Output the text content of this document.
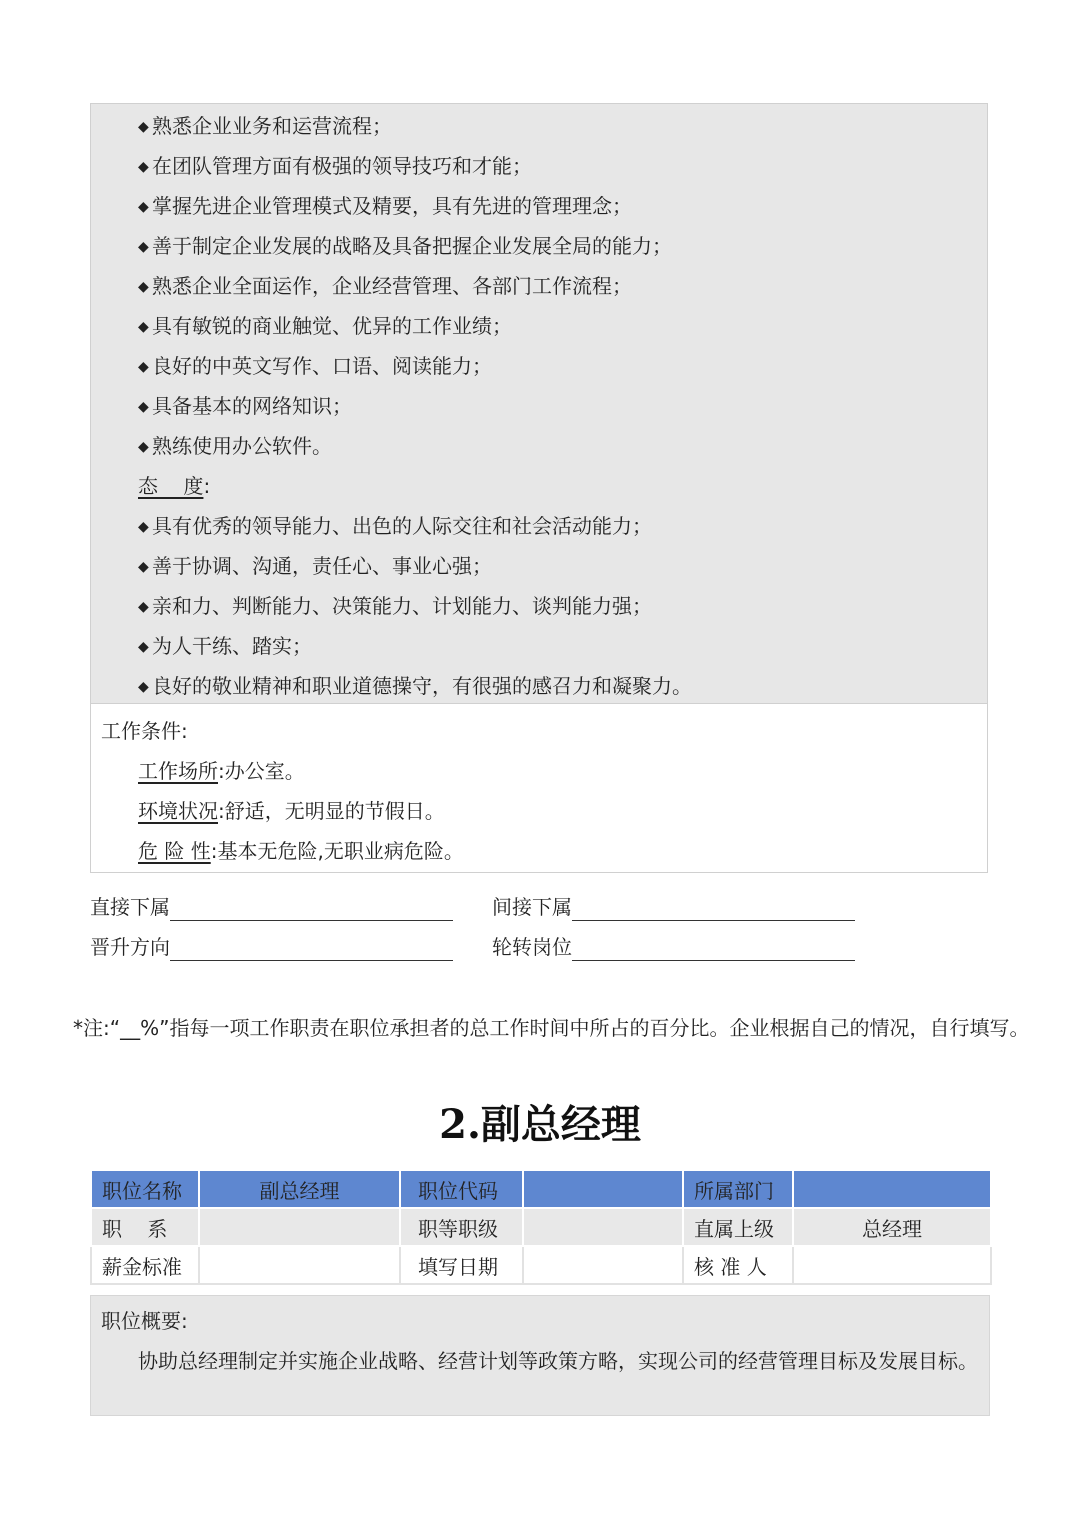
◆ 熟悉企业业务和运营流程；
◆ 在团队管理方面有极强的领导技巧和才能；
◆ 掌握先进企业管理模式及精要，具有先进的管理理念；
◆ 善于制定企业发展的战略及具备把握企业发展全局的能力；
◆ 熟悉企业全面运作，企业经营管理、各部门工作流程；
◆ 具有敏锐的商业触觉、优异的工作业绩；
◆ 良好的中英文写作、口语、阅读能力；
◆ 具备基本的网络知识；
◆ 熟练使用办公软件。
态    度:
◆ 具有优秀的领导能力、出色的人际交往和社会活动能力；
◆ 善于协调、沟通，责任心、事业心强；
◆ 亲和力、判断能力、决策能力、计划能力、谈判能力强；
◆ 为人干练、踏实；
◆ 良好的敬业精神和职业道德操守，有很强的感召力和凝聚力。
工作条件:
工作场所:办公室。
环境状况:舒适，无明显的节假日。
危 险 性:基本无危险,无职业病危险。
直接下属	间接下属
晋升方向	轮转岗位
*注:“__%”指每一项工作职责在职位承担者的总工作时间中所占的百分比。企业根据自己的情况，自行填写。
2.副总经理
职位名称	副总经理	职位代码		所属部门	
职    系		职等职级		直属上级	总经理
薪金标准		填写日期		核 准 人	
职位概要:
协助总经理制定并实施企业战略、经营计划等政策方略，实现公司的经营管理目标及发展目标。
